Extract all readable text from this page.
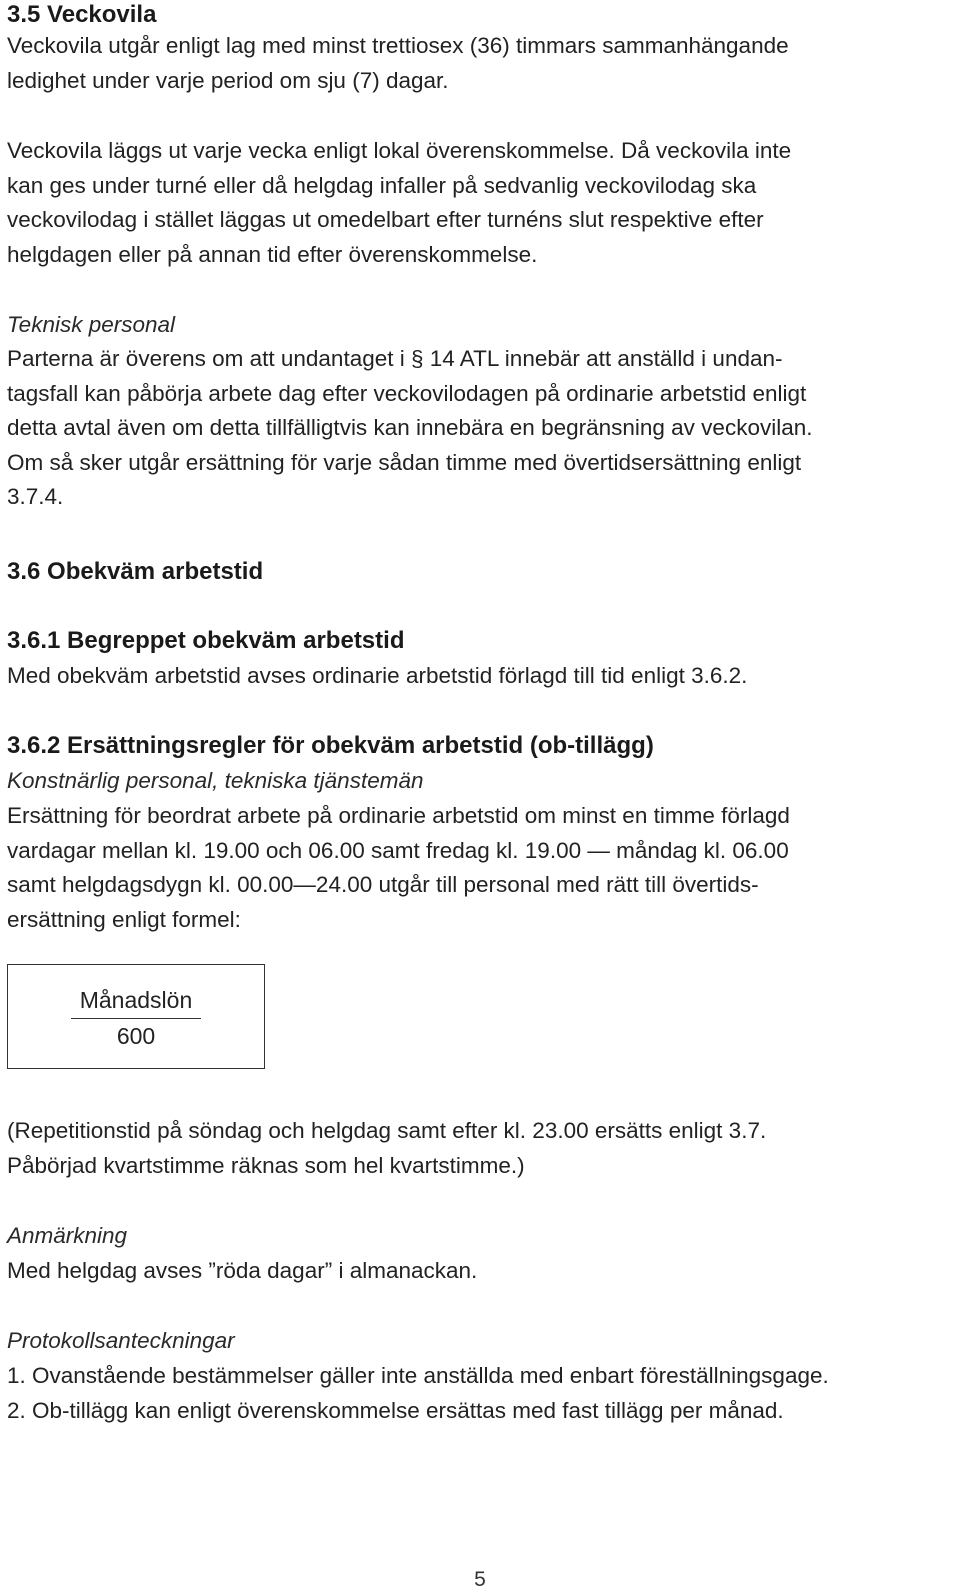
3.5 Veckovila
Veckovila utgår enligt lag med minst trettiosex (36) timmars sammanhängande
ledighet under varje period om sju (7) dagar.
Veckovila läggs ut varje vecka enligt lokal överenskommelse. Då veckovila inte
kan ges under turné eller då helgdag infaller på sedvanlig veckovilodag ska
veckovilodag i stället läggas ut omedelbart efter turnéns slut respektive efter
helgdagen eller på annan tid efter överenskommelse.
Teknisk personal
Parterna är överens om att undantaget i § 14 ATL innebär att anställd i undan-
tagsfall kan påbörja arbete dag efter veckovilodagen på ordinarie arbetstid enligt
detta avtal även om detta tillfälligtvis kan innebära en begränsning av veckovilan.
Om så sker utgår ersättning för varje sådan timme med övertidsersättning enligt
3.7.4.
3.6 Obekväm arbetstid
3.6.1 Begreppet obekväm arbetstid
Med obekväm arbetstid avses ordinarie arbetstid förlagd till tid enligt 3.6.2.
3.6.2 Ersättningsregler för obekväm arbetstid (ob-tillägg)
Konstnärlig personal, tekniska tjänstemän
Ersättning för beordrat arbete på ordinarie arbetstid om minst en timme förlagd
vardagar mellan kl. 19.00 och 06.00 samt fredag kl. 19.00 — måndag kl. 06.00
samt helgdagsdygn kl. 00.00—24.00 utgår till personal med rätt till övertids-
ersättning enligt formel:
Månadslön
600
(Repetitionstid på söndag och helgdag samt efter kl. 23.00 ersätts enligt 3.7.
Påbörjad kvartstimme räknas som hel kvartstimme.)
Anmärkning
Med helgdag avses ”röda dagar” i almanackan.
Protokollsanteckningar
1. Ovanstående bestämmelser gäller inte anställda med enbart föreställningsgage.
2. Ob-tillägg kan enligt överenskommelse ersättas med fast tillägg per månad.
5
